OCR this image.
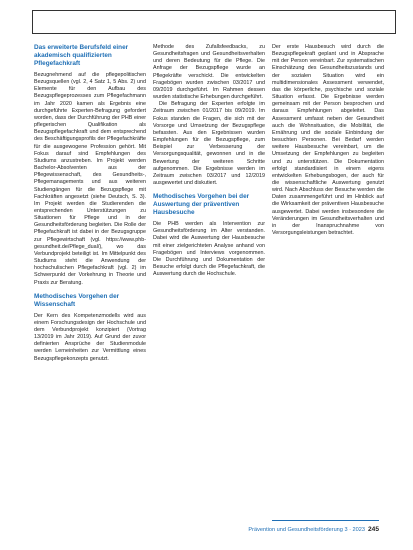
Das erweiterte Berufsfeld einer akademisch qualifizierten Pflegefachkraft

Bezugnehmend auf die pflegepolitischen Bezugsquellen (vgl. 2, 4 Satz 1, 5 Abs. 2) und Elemente für den Aufbau des Bezugspflegeprozesses zum Pflegefachmann im Jahr 2020 kamen als Ergebnis eine durchgeführte Experten-Befragung gefordert worden, dass der Durchführung der PHB einer pflegerischen Qualifikation als Bezugspflegefachkraft und dem entsprechend des Beschäftigungsprofils der Pflegefachkräfte für die ausgewogene Profession gehört. Mit Fokus darauf sind Empfehlungen des Studiums anzustreben. Im Projekt werden Bachelor-Absolventen aus der Pflegewissenschaft, des Gesundheits-, Pflegemanagements und aus weiteren Studiengängen für die Bezugspflege mit Fachkräften angesetzt (siehe Deutsch, S. 3). Im Projekt werden die Studierenden die entsprechenden Unterstützungen zu Situationen für Pflege und in der Gesundheitsförderung begleiten. Die Rolle der Pflegefachkraft ist dabei in der Bezugsgruppe zur Pflegewirtschaft (vgl. https://www.phb-gesundheit.de/Pflege_dual/), wo das Verbundprojekt beteiligt ist. Im Mittelpunkt des Studiums steht die Anwendung der hochschulischen Pflegefachkraft (vgl. 2) im Schwerpunkt der Vorkehrung in Theorie und Praxis zur Beratung.

Methodisches Vorgehen der Wissenschaft

Der Kern des Kompetenzmodells wird aus einem Forschungsdesign der Hochschule und dem Verbundprojekt konzipiert (Vortrag 13/2019 im Jahr 2019). Auf Grund der zuvor definierten Ansprüche der Studienmodule werden Lerneinheiten zur Vermittlung eines Bezugspflegekonzepts genutzt.

Methode des Zufallsfeedbacks, zu Gesundheitsfragen und Gesundheitsverhalten und deren Bedeutung für die Pflege. Die Anfrage der Bezugspflege wurde an Pflegekräfte verschickt. Die entwickelten Fragebögen wurden zwischen 03/2017 und 09/2019 durchgeführt. Im Rahmen dessen wurden statistische Erhebungen durchgeführt.

Die Befragung der Experten erfolgte im Zeitraum zwischen 01/2017 bis 09/2019. Im Fokus standen die Fragen, die sich mit der Vorsorge und Umsetzung der Bezugspflege befassten. Aus den Ergebnissen wurden Empfehlungen für die Bezugspflege, zum Beispiel zur Verbesserung der Versorgungsqualität, gewonnen und in die Bewertung der weiteren Schritte aufgenommen. Die Ergebnisse werden im Zeitraum zwischen 03/2017 und 12/2019 ausgewertet und diskutiert.

Methodisches Vorgehen bei der Auswertung der präventiven Hausbesuche

Die PHB werden als Intervention zur Gesundheitsförderung im Alter verstanden. Dabei wird die Auswertung der Hausbesuche mit einer zielgerichteten Analyse anhand von Fragebögen und Interviews vorgenommen. Die Durchführung und Dokumentation der Besuche erfolgt durch die Pflegefachkraft, die Auswertung durch die Hochschule.

Der erste Hausbesuch wird durch die Bezugspflegekraft geplant und in Absprache mit der Person vereinbart. Zur systematischen Einschätzung des Gesundheitszustands und der sozialen Situation wird ein multidimensionales Assessment verwendet, das die körperliche, psychische und soziale Situation erfasst. Die Ergebnisse werden gemeinsam mit der Person besprochen und daraus Empfehlungen abgeleitet. Das Assessment umfasst neben der Gesundheit auch die Wohnsituation, die Mobilität, die Ernährung und die soziale Einbindung der besuchten Personen. Bei Bedarf werden weitere Hausbesuche vereinbart, um die Umsetzung der Empfehlungen zu begleiten und zu unterstützen. Die Dokumentation erfolgt standardisiert in einem eigens entwickelten Erhebungsbogen, der auch für die wissenschaftliche Auswertung genutzt wird. Nach Abschluss der Besuche werden die Daten zusammengeführt und im Hinblick auf die Wirksamkeit der präventiven Hausbesuche ausgewertet. Dabei werden insbesondere die Veränderungen im Gesundheitsverhalten und in der Inanspruchnahme von Versorgungsleistungen betrachtet.

Prävention und Gesundheitsförderung 3 · 2023 245
